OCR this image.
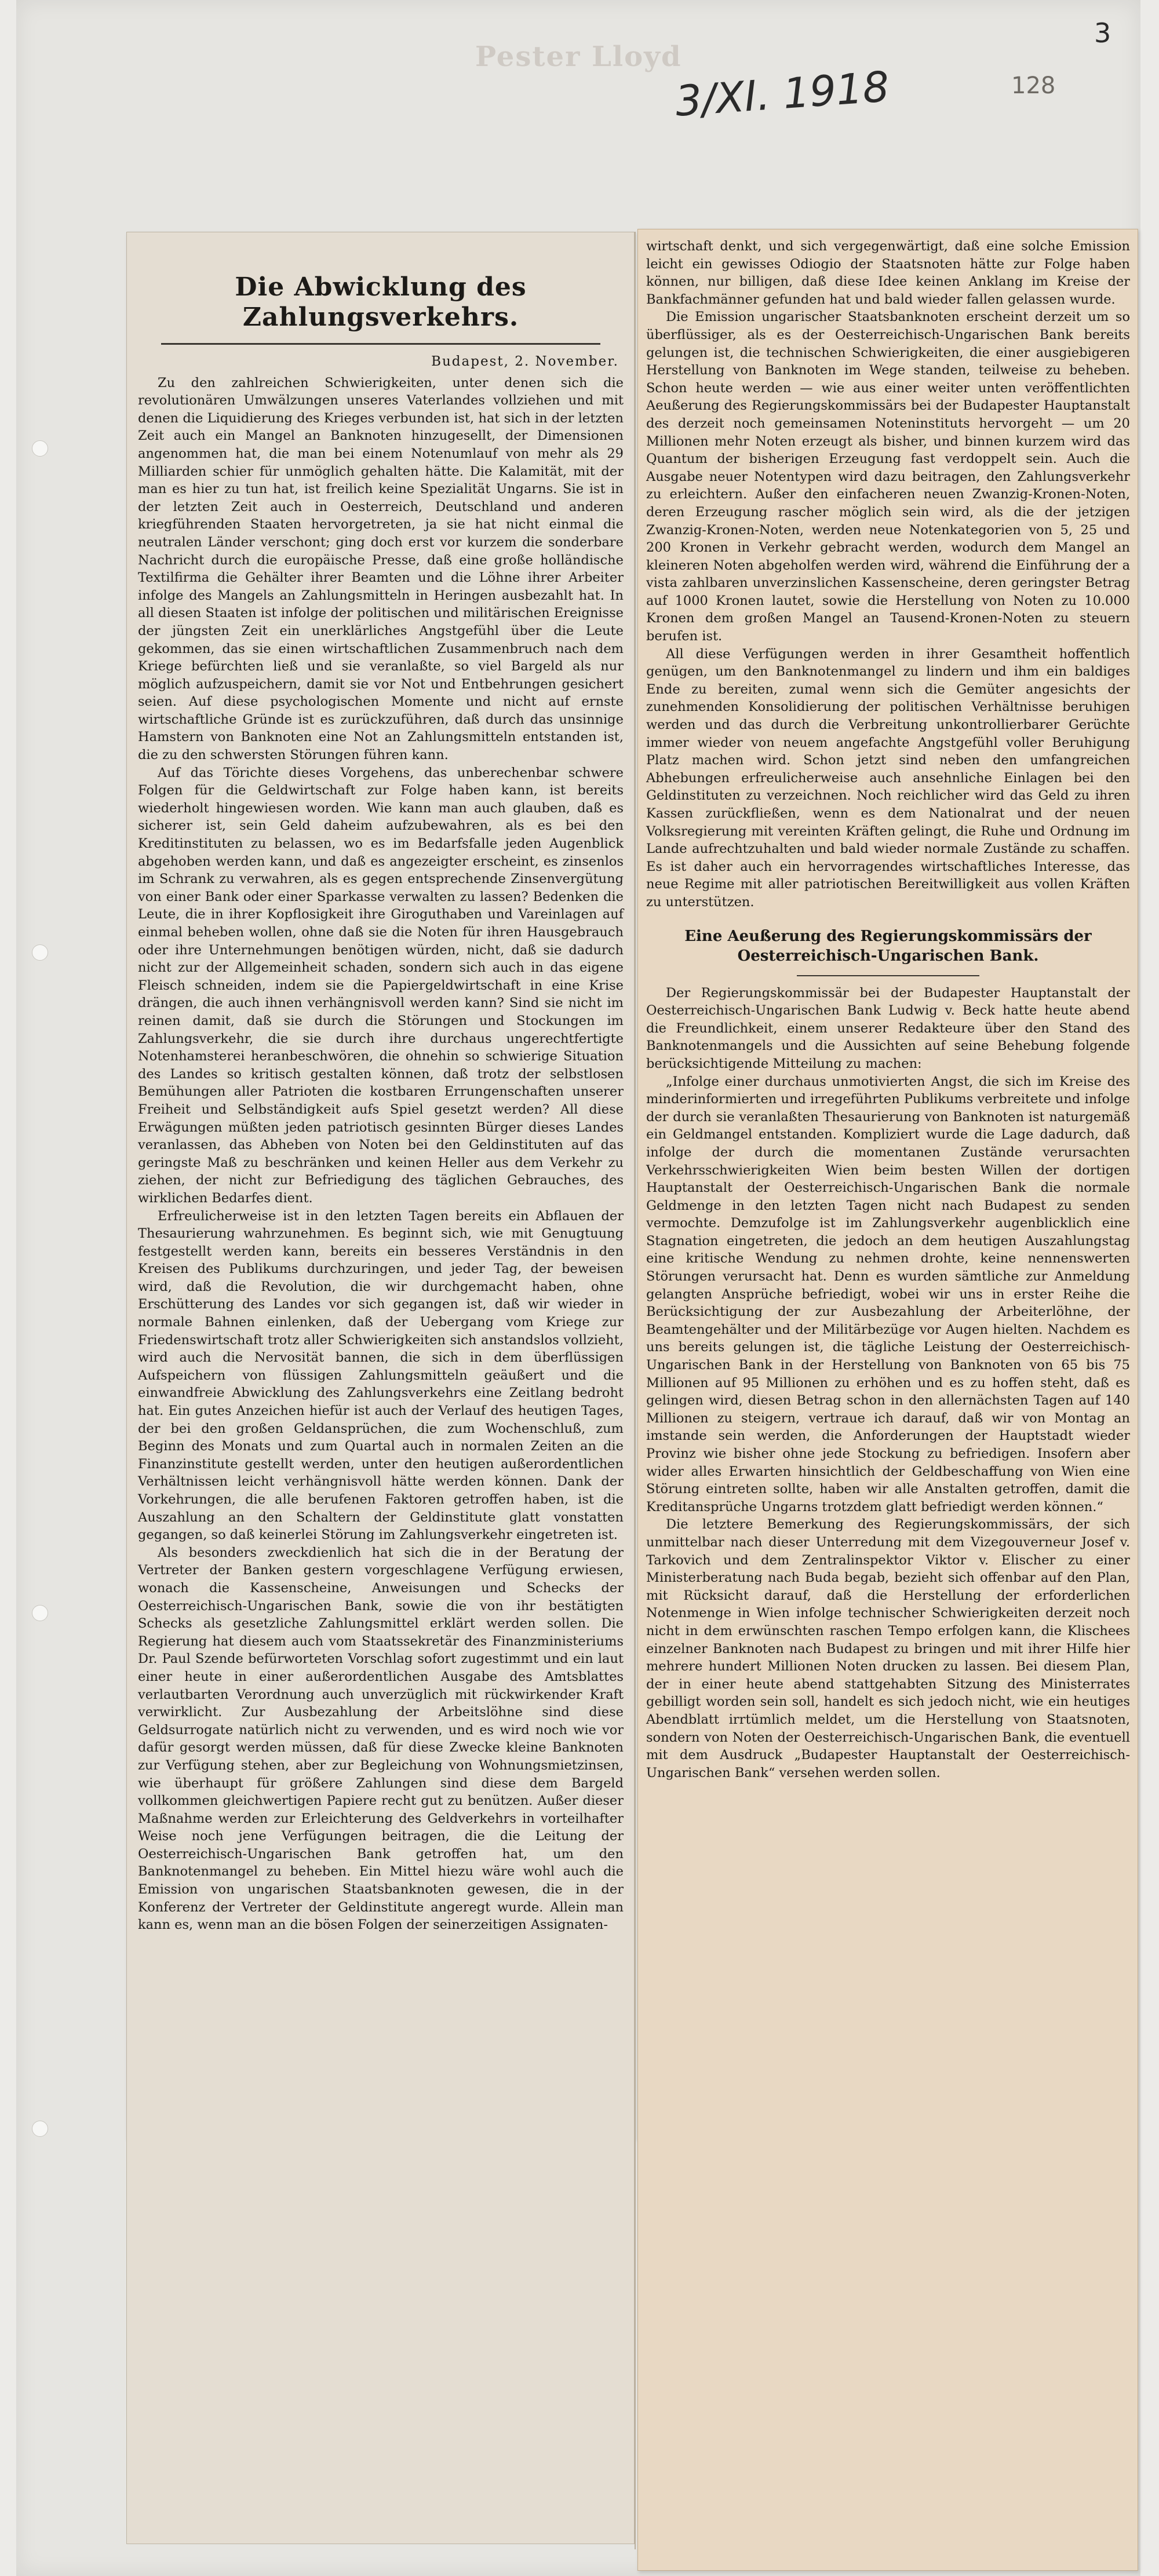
Pester Lloyd
3/XI. 1918	128
3
Die Abwicklung des Zahlungsverkehrs.
Budapest, 2. November.

Zu den zahlreichen Schwierigkeiten, unter denen sich die revolutionären Umwälzungen unseres Vaterlandes vollziehen und mit denen die Liquidierung des Krieges verbunden ist, hat sich in der letzten Zeit auch ein Mangel an Banknoten hinzugesellt, der Dimensionen angenommen hat, die man bei einem Notenumlauf von mehr als 29 Milliarden schier für unmöglich gehalten hätte. Die Kalamität, mit der man es hier zu tun hat, ist freilich keine Spezialität Ungarns. Sie ist in der letzten Zeit auch in Oesterreich, Deutschland und anderen kriegführenden Staaten hervorgetreten, ja sie hat nicht einmal die neutralen Länder verschont; ging doch erst vor kurzem die sonderbare Nachricht durch die europäische Presse, daß eine große holländische Textilfirma die Gehälter ihrer Beamten und die Löhne ihrer Arbeiter infolge des Mangels an Zahlungsmitteln in Heringen ausbezahlt hat. In all diesen Staaten ist infolge der politischen und militärischen Ereignisse der jüngsten Zeit ein unerklärliches Angstgefühl über die Leute gekommen, das sie einen wirtschaftlichen Zusammenbruch nach dem Kriege befürchten ließ und sie veranlaßte, so viel Bargeld als nur möglich aufzuspeichern, damit sie vor Not und Entbehrungen gesichert seien. Auf diese psychologischen Momente und nicht auf ernste wirtschaftliche Gründe ist es zurückzuführen, daß durch das unsinnige Hamstern von Banknoten eine Not an Zahlungsmitteln entstanden ist, die zu den schwersten Störungen führen kann.

Auf das Törichte dieses Vorgehens, das unberechenbar schwere Folgen für die Geldwirtschaft zur Folge haben kann, ist bereits wiederholt hingewiesen worden. Wie kann man auch glauben, daß es sicherer ist, sein Geld daheim aufzubewahren, als es bei den Kreditinstituten zu belassen, wo es im Bedarfsfalle jeden Augenblick abgehoben werden kann, und daß es angezeigter erscheint, es zinsenlos im Schrank zu verwahren, als es gegen entsprechende Zinsenvergütung von einer Bank oder einer Sparkasse verwalten zu lassen? Bedenken die Leute, die in ihrer Kopflosigkeit ihre Giroguthaben und Vareinlagen auf einmal beheben wollen, ohne daß sie die Noten für ihren Hausgebrauch oder ihre Unternehmungen benötigen würden, nicht, daß sie dadurch nicht zur der Allgemeinheit schaden, sondern sich auch in das eigene Fleisch schneiden, indem sie die Papiergeldwirtschaft in eine Krise drängen, die auch ihnen verhängnisvoll werden kann? Sind sie nicht im reinen damit, daß sie durch die Störungen und Stockungen im Zahlungsverkehr, die sie durch ihre durchaus ungerechtfertigte Notenhamsterei heranbeschwören, die ohnehin so schwierige Situation des Landes so kritisch gestalten können, daß trotz der selbstlosen Bemühungen aller Patrioten die kostbaren Errungenschaften unserer Freiheit und Selbständigkeit aufs Spiel gesetzt werden? All diese Erwägungen müßten jeden patriotisch gesinnten Bürger dieses Landes veranlassen, das Abheben von Noten bei den Geldinstituten auf das geringste Maß zu beschränken und keinen Heller aus dem Verkehr zu ziehen, der nicht zur Befriedigung des täglichen Gebrauches, des wirklichen Bedarfes dient.

Erfreulicherweise ist in den letzten Tagen bereits ein Abflauen der Thesaurierung wahrzunehmen. Es beginnt sich, wie mit Genugtuung festgestellt werden kann, bereits ein besseres Verständnis in den Kreisen des Publikums durchzuringen, und jeder Tag, der beweisen wird, daß die Revolution, die wir durchgemacht haben, ohne Erschütterung des Landes vor sich gegangen ist, daß wir wieder in normale Bahnen einlenken, daß der Uebergang vom Kriege zur Friedenswirtschaft trotz aller Schwierigkeiten sich anstandslos vollzieht, wird auch die Nervosität bannen, die sich in dem überflüssigen Aufspeichern von flüssigen Zahlungsmitteln geäußert und die einwandfreie Abwicklung des Zahlungsverkehrs eine Zeitlang bedroht hat. Ein gutes Anzeichen hiefür ist auch der Verlauf des heutigen Tages, der bei den großen Geldansprüchen, die zum Wochenschluß, zum Beginn des Monats und zum Quartal auch in normalen Zeiten an die Finanzinstitute gestellt werden, unter den heutigen außerordentlichen Verhältnissen leicht verhängnisvoll hätte werden können. Dank der Vorkehrungen, die alle berufenen Faktoren getroffen haben, ist die Auszahlung an den Schaltern der Geldinstitute glatt vonstatten gegangen, so daß keinerlei Störung im Zahlungsverkehr eingetreten ist.

Als besonders zweckdienlich hat sich die in der Beratung der Vertreter der Banken gestern vorgeschlagene Verfügung erwiesen, wonach die Kassenscheine, Anweisungen und Schecks der Oesterreichisch-Ungarischen Bank, sowie die von ihr bestätigten Schecks als gesetzliche Zahlungsmittel erklärt werden sollen. Die Regierung hat diesem auch vom Staatssekretär des Finanzministeriums Dr. Paul Szende befürworteten Vorschlag sofort zugestimmt und ein laut einer heute in einer außerordentlichen Ausgabe des Amtsblattes verlautbarten Verordnung auch unverzüglich mit rückwirkender Kraft verwirklicht. Zur Ausbezahlung der Arbeitslöhne sind diese Geldsurrogate natürlich nicht zu verwenden, und es wird noch wie vor dafür gesorgt werden müssen, daß für diese Zwecke kleine Banknoten zur Verfügung stehen, aber zur Begleichung von Wohnungsmietzinsen, wie überhaupt für größere Zahlungen sind diese dem Bargeld vollkommen gleichwertigen Papiere recht gut zu benützen. Außer dieser Maßnahme werden zur Erleichterung des Geldverkehrs in vorteilhafter Weise noch jene Verfügungen beitragen, die die Leitung der Oesterreichisch-Ungarischen Bank getroffen hat, um den Banknotenmangel zu beheben. Ein Mittel hiezu wäre wohl auch die Emission von ungarischen Staatsbanknoten gewesen, die in der Konferenz der Vertreter der Geldinstitute angeregt wurde. Allein man kann es, wenn man an die bösen Folgen der seinerzeitigen Assignaten-

wirtschaft denkt, und sich vergegenwärtigt, daß eine solche Emission leicht ein gewisses Odiogio der Staatsnoten hätte zur Folge haben können, nur billigen, daß diese Idee keinen Anklang im Kreise der Bankfachmänner gefunden hat und bald wieder fallen gelassen wurde.

Die Emission ungarischer Staatsbanknoten erscheint derzeit um so überflüssiger, als es der Oesterreichisch-Ungarischen Bank bereits gelungen ist, die technischen Schwierigkeiten, die einer ausgiebigeren Herstellung von Banknoten im Wege standen, teilweise zu beheben. Schon heute werden — wie aus einer weiter unten veröffentlichten Aeußerung des Regierungskommissärs bei der Budapester Hauptanstalt des derzeit noch gemeinsamen Noteninstituts hervorgeht — um 20 Millionen mehr Noten erzeugt als bisher, und binnen kurzem wird das Quantum der bisherigen Erzeugung fast verdoppelt sein. Auch die Ausgabe neuer Notentypen wird dazu beitragen, den Zahlungsverkehr zu erleichtern. Außer den einfacheren neuen Zwanzig-Kronen-Noten, deren Erzeugung rascher möglich sein wird, als die der jetzigen Zwanzig-Kronen-Noten, werden neue Notenkategorien von 5, 25 und 200 Kronen in Verkehr gebracht werden, wodurch dem Mangel an kleineren Noten abgeholfen werden wird, während die Einführung der a vista zahlbaren unverzinslichen Kassenscheine, deren geringster Betrag auf 1000 Kronen lautet, sowie die Herstellung von Noten zu 10.000 Kronen dem großen Mangel an Tausend-Kronen-Noten zu steuern berufen ist.

All diese Verfügungen werden in ihrer Gesamtheit hoffentlich genügen, um den Banknotenmangel zu lindern und ihm ein baldiges Ende zu bereiten, zumal wenn sich die Gemüter angesichts der zunehmenden Konsolidierung der politischen Verhältnisse beruhigen werden und das durch die Verbreitung unkontrollierbarer Gerüchte immer wieder von neuem angefachte Angstgefühl voller Beruhigung Platz machen wird. Schon jetzt sind neben den umfangreichen Abhebungen erfreulicherweise auch ansehnliche Einlagen bei den Geldinstituten zu verzeichnen. Noch reichlicher wird das Geld zu ihren Kassen zurückfließen, wenn es dem Nationalrat und der neuen Volksregierung mit vereinten Kräften gelingt, die Ruhe und Ordnung im Lande aufrechtzuhalten und bald wieder normale Zustände zu schaffen. Es ist daher auch ein hervorragendes wirtschaftliches Interesse, das neue Regime mit aller patriotischen Bereitwilligkeit aus vollen Kräften zu unterstützen.

Eine Aeußerung des Regierungskommissärs der Oesterreichisch-Ungarischen Bank.

Der Regierungskommissär bei der Budapester Hauptanstalt der Oesterreichisch-Ungarischen Bank Ludwig v. Beck hatte heute abend die Freundlichkeit, einem unserer Redakteure über den Stand des Banknotenmangels und die Aussichten auf seine Behebung folgende berücksichtigende Mitteilung zu machen:

„Infolge einer durchaus unmotivierten Angst, die sich im Kreise des minderinformierten und irregeführten Publikums verbreitete und infolge der durch sie veranlaßten Thesaurierung von Banknoten ist naturgemäß ein Geldmangel entstanden. Kompliziert wurde die Lage dadurch, daß infolge der durch die momentanen Zustände verursachten Verkehrsschwierigkeiten Wien beim besten Willen der dortigen Hauptanstalt der Oesterreichisch-Ungarischen Bank die normale Geldmenge in den letzten Tagen nicht nach Budapest zu senden vermochte. Demzufolge ist im Zahlungsverkehr augenblicklich eine Stagnation eingetreten, die jedoch an dem heutigen Auszahlungstag eine kritische Wendung zu nehmen drohte, keine nennenswerten Störungen verursacht hat. Denn es wurden sämtliche zur Anmeldung gelangten Ansprüche befriedigt, wobei wir uns in erster Reihe die Berücksichtigung der zur Ausbezahlung der Arbeiterlöhne, der Beamtengehälter und der Militärbezüge vor Augen hielten. Nachdem es uns bereits gelungen ist, die tägliche Leistung der Oesterreichisch-Ungarischen Bank in der Herstellung von Banknoten von 65 bis 75 Millionen auf 95 Millionen zu erhöhen und es zu hoffen steht, daß es gelingen wird, diesen Betrag schon in den allernächsten Tagen auf 140 Millionen zu steigern, vertraue ich darauf, daß wir von Montag an imstande sein werden, die Anforderungen der Hauptstadt wieder Provinz wie bisher ohne jede Stockung zu befriedigen. Insofern aber wider alles Erwarten hinsichtlich der Geldbeschaffung von Wien eine Störung eintreten sollte, haben wir alle Anstalten getroffen, damit die Kreditansprüche Ungarns trotzdem glatt befriedigt werden können.“

Die letztere Bemerkung des Regierungskommissärs, der sich unmittelbar nach dieser Unterredung mit dem Vizegouverneur Josef v. Tarkovich und dem Zentralinspektor Viktor v. Elischer zu einer Ministerberatung nach Buda begab, bezieht sich offenbar auf den Plan, mit Rücksicht darauf, daß die Herstellung der erforderlichen Notenmenge in Wien infolge technischer Schwierigkeiten derzeit noch nicht in dem erwünschten raschen Tempo erfolgen kann, die Klischees einzelner Banknoten nach Budapest zu bringen und mit ihrer Hilfe hier mehrere hundert Millionen Noten drucken zu lassen. Bei diesem Plan, der in einer heute abend stattgehabten Sitzung des Ministerrates gebilligt worden sein soll, handelt es sich jedoch nicht, wie ein heutiges Abendblatt irrtümlich meldet, um die Herstellung von Staatsnoten, sondern von Noten der Oesterreichisch-Ungarischen Bank, die eventuell mit dem Ausdruck „Budapester Hauptanstalt der Oesterreichisch-Ungarischen Bank“ versehen werden sollen.
